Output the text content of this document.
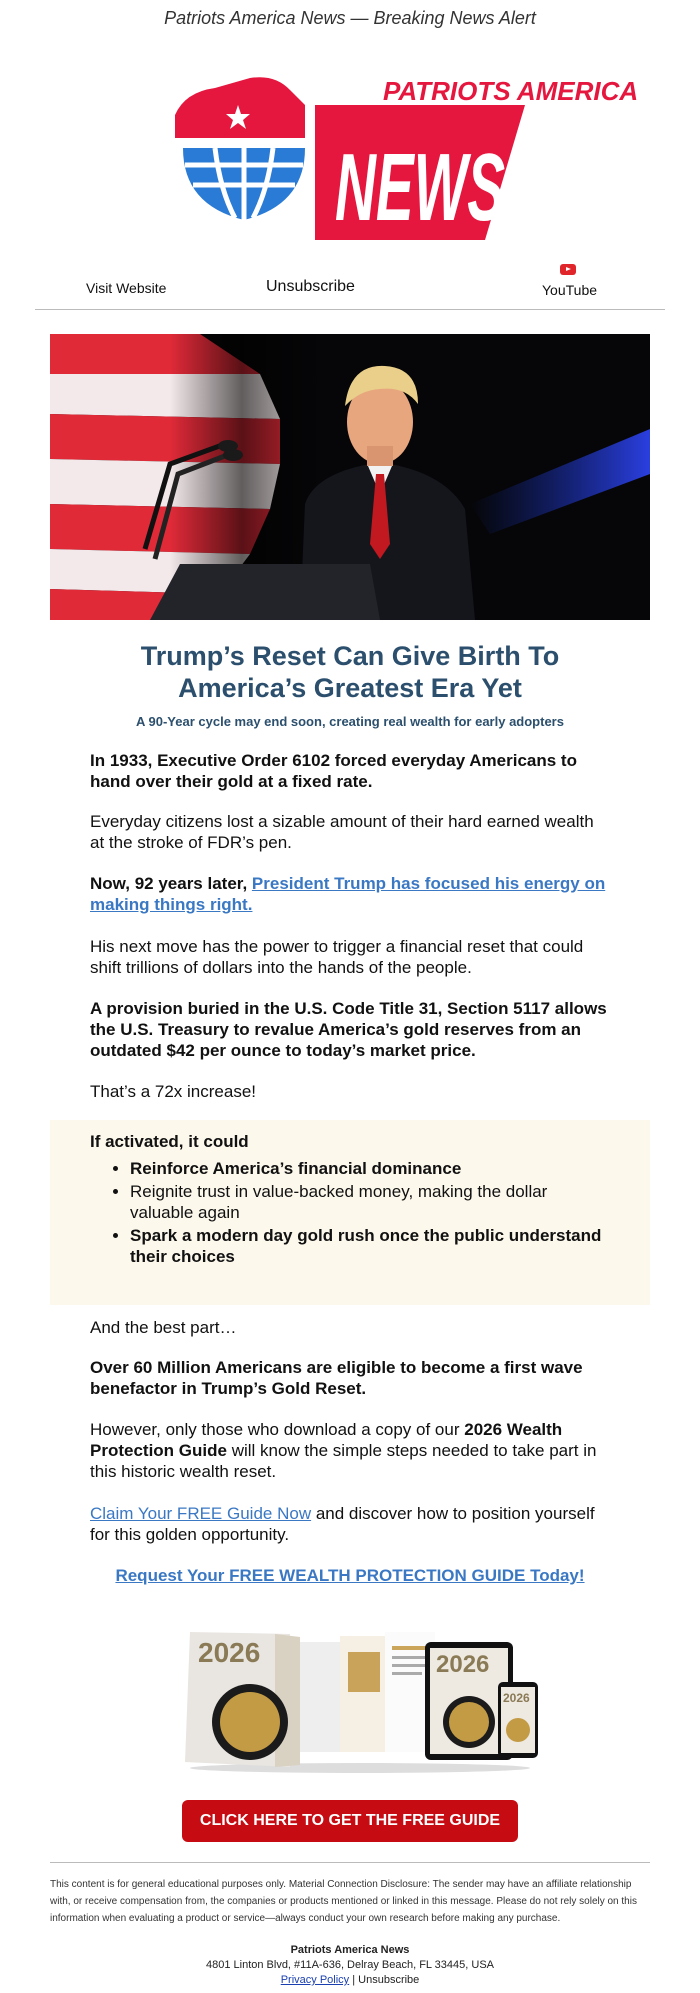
Patriots America News — Breaking News Alert
PATRIOTS AMERICA
NEWS
Visit Website	Unsubscribe	YouTube
Trump’s Reset Can Give Birth To
America’s Greatest Era Yet
A 90-Year cycle may end soon, creating real wealth for early adopters
In 1933, Executive Order 6102 forced everyday Americans to hand over their gold at a fixed rate.
Everyday citizens lost a sizable amount of their hard earned wealth at the stroke of FDR’s pen.
Now, 92 years later, President Trump has focused his energy on making things right.
His next move has the power to trigger a financial reset that could shift trillions of dollars into the hands of the people.
A provision buried in the U.S. Code Title 31, Section 5117 allows the U.S. Treasury to revalue America’s gold reserves from an outdated $42 per ounce to today’s market price.
That’s a 72x increase!
If activated, it could
• Reinforce America’s financial dominance
• Reignite trust in value-backed money, making the dollar valuable again
• Spark a modern day gold rush once the public understand their choices
And the best part…
Over 60 Million Americans are eligible to become a first wave benefactor in Trump’s Gold Reset.
However, only those who download a copy of our 2026 Wealth Protection Guide will know the simple steps needed to take part in this historic wealth reset.
Claim Your FREE Guide Now and discover how to position yourself for this golden opportunity.
Request Your FREE WEALTH PROTECTION GUIDE Today!
2026	2026
2026
CLICK HERE TO GET THE FREE GUIDE
This content is for general educational purposes only. Material Connection Disclosure: The sender may have an affiliate relationship with, or receive compensation from, the companies or products mentioned or linked in this message. Please do not rely solely on this information when evaluating a product or service—always conduct your own research before making any purchase.
Patriots America News
4801 Linton Blvd, #11A-636, Delray Beach, FL 33445, USA
Privacy Policy | Unsubscribe
